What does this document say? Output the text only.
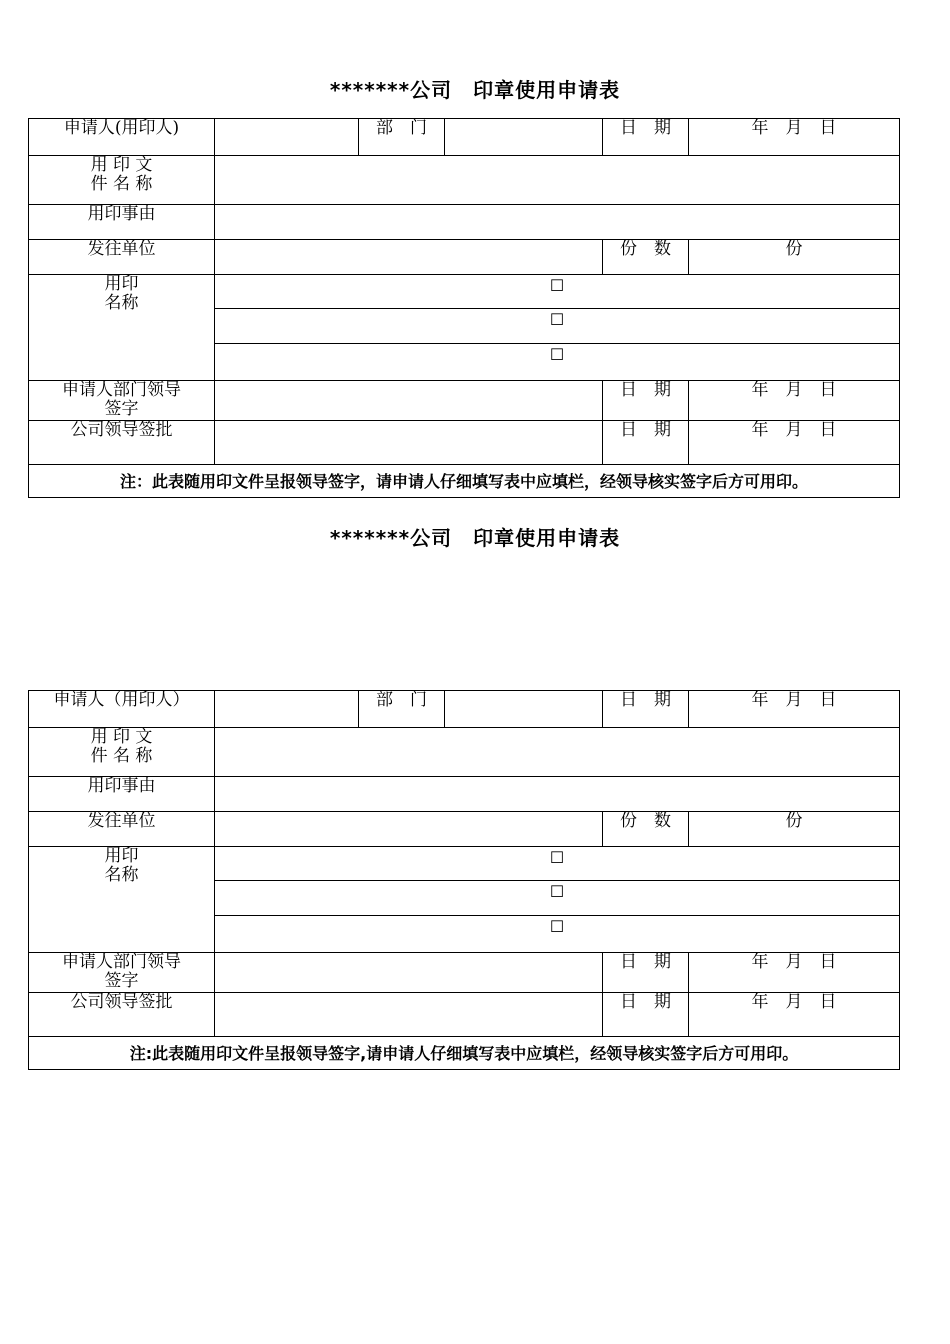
*******公司　印章使用申请表
申请人(用印人)		部　门		日　期	年　月　日
用 印 文
件 名 称					
用印事由					
发往单位				份　数	份
用印
名称	☐				
	☐				
	☐				
申请人部门领导
签字				日　期	年　月　日
公司领导签批				日　期	年　月　日
注：此表随用印文件呈报领导签字，请申请人仔细填写表中应填栏，经领导核实签字后方可用印。					
*******公司　印章使用申请表
申请人（用印人）		部　门		日　期	年　月　日
用 印 文
件 名 称					
用印事由					
发往单位				份　数	份
用印
名称	☐				
	☐				
	☐				
申请人部门领导
签字				日　期	年　月　日
公司领导签批				日　期	年　月　日
注:此表随用印文件呈报领导签字,请申请人仔细填写表中应填栏，经领导核实签字后方可用印。					
